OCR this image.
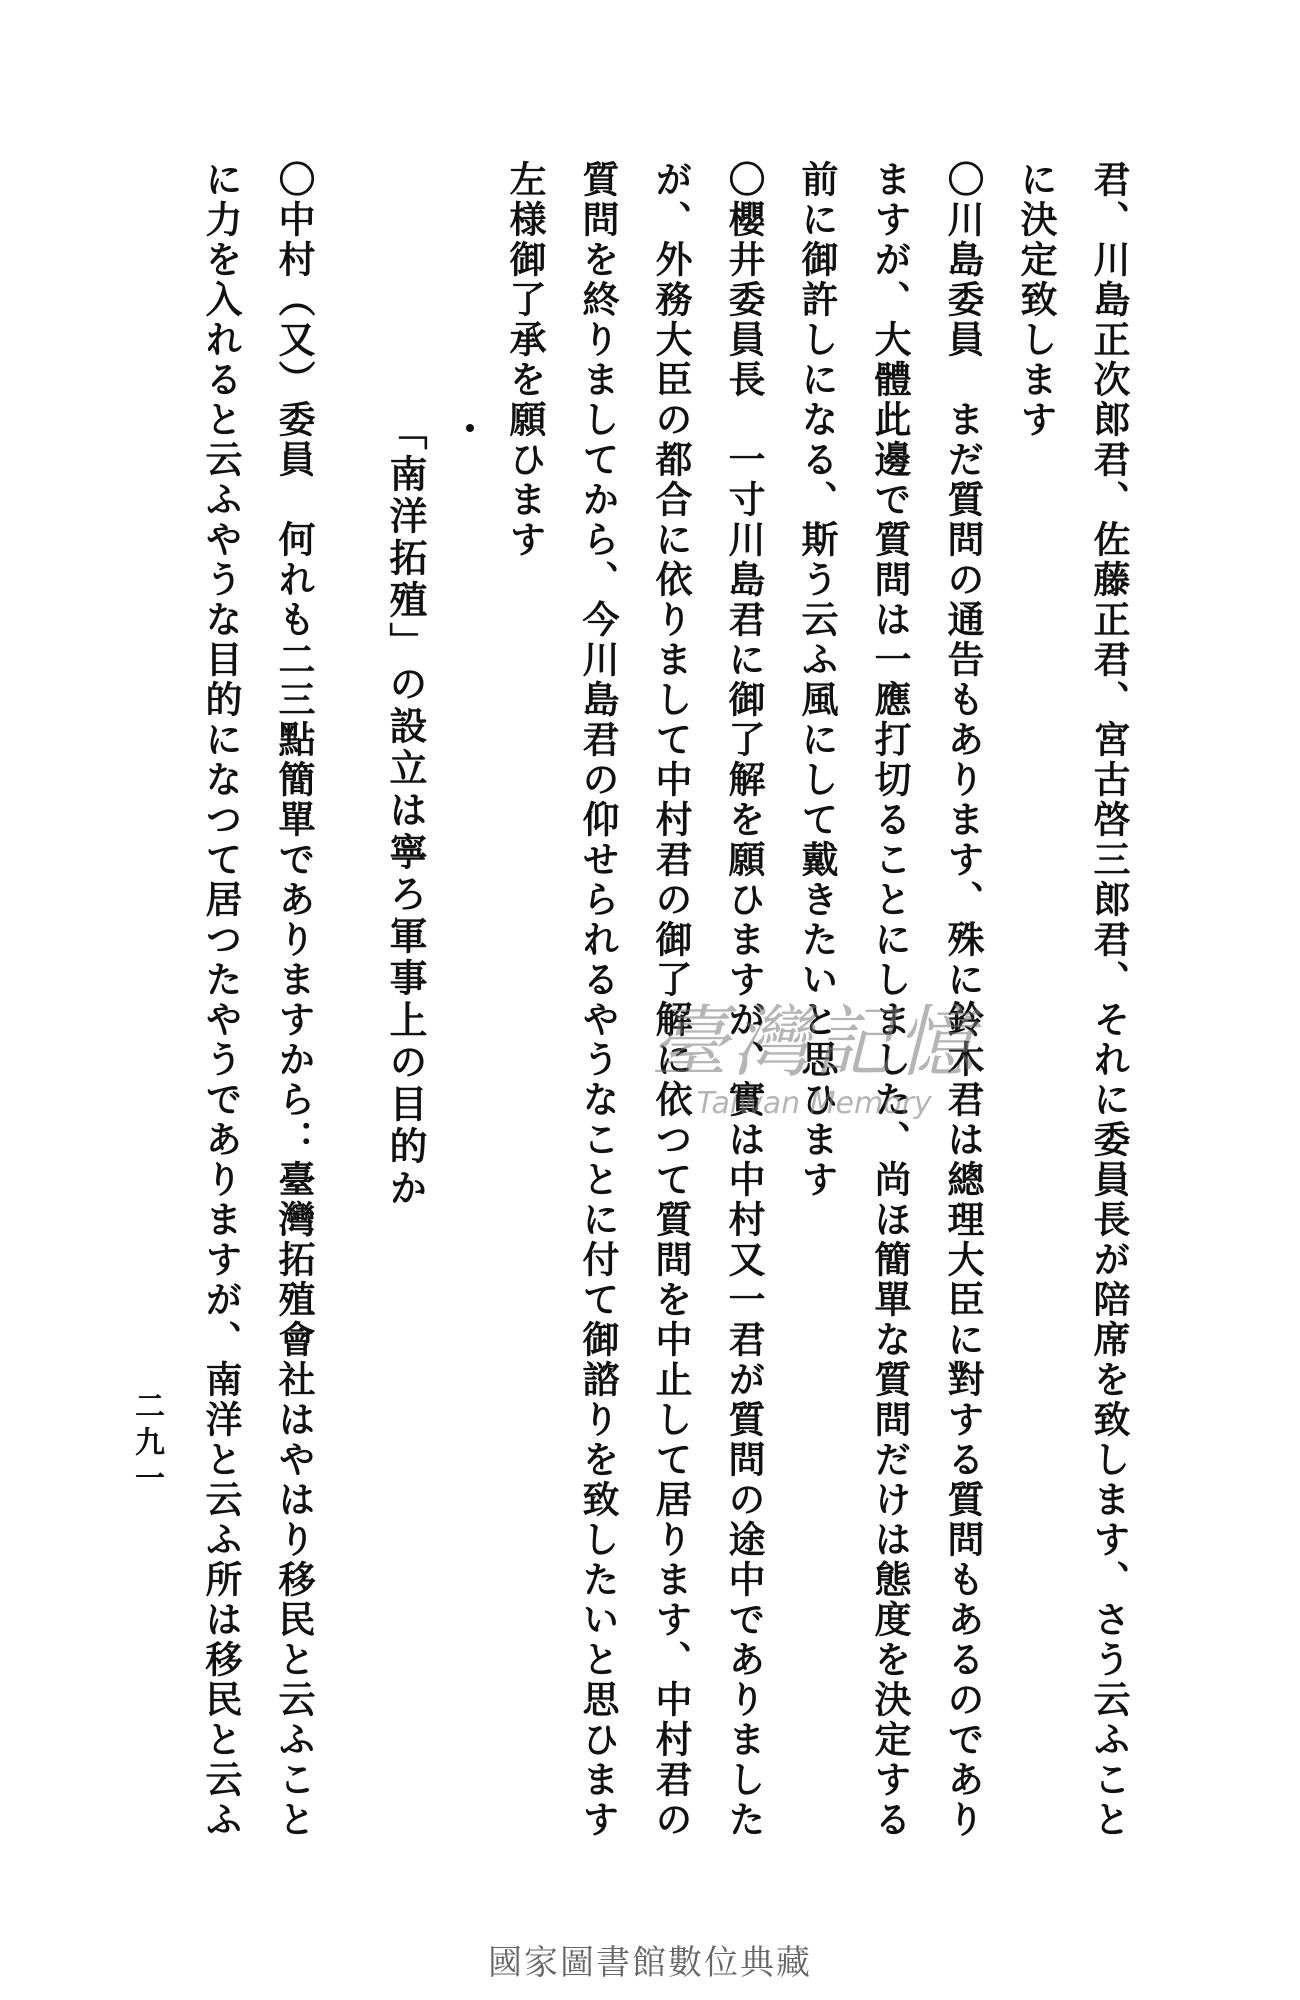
君、川島正次郎君、佐藤正君、宮古啓三郎君、それに委員長が陪席を致します、さう云ふこと
に決定致します
〇川島委員　まだ質問の通告もあります、殊に鈴木君は總理大臣に對する質問もあるのであり
ますが、大體此邊で質問は一應打切ることにしました、尚ほ簡單な質問だけは態度を決定する
前に御許しになる、斯う云ふ風にして戴きたいと思ひます
〇櫻井委員長　一寸川島君に御了解を願ひますが、實は中村又一君が質問の途中でありました
が、外務大臣の都合に依りまして中村君の御了解に依つて質問を中止して居ります、中村君の
質問を終りましてから、今川島君の仰せられるやうなことに付て御諮りを致したいと思ひます
左様御了承を願ひます
「南洋拓殖」の設立は寧ろ軍事上の目的か
〇中村（又）委員　何れも二三點簡單でありますから：臺灣拓殖會社はやはり移民と云ふこと
に力を入れると云ふやうな目的になつて居つたやうでありますが、南洋と云ふ所は移民と云ふ
二九一
臺灣記憶
Taiwan Memory
國家圖書館數位典藏
